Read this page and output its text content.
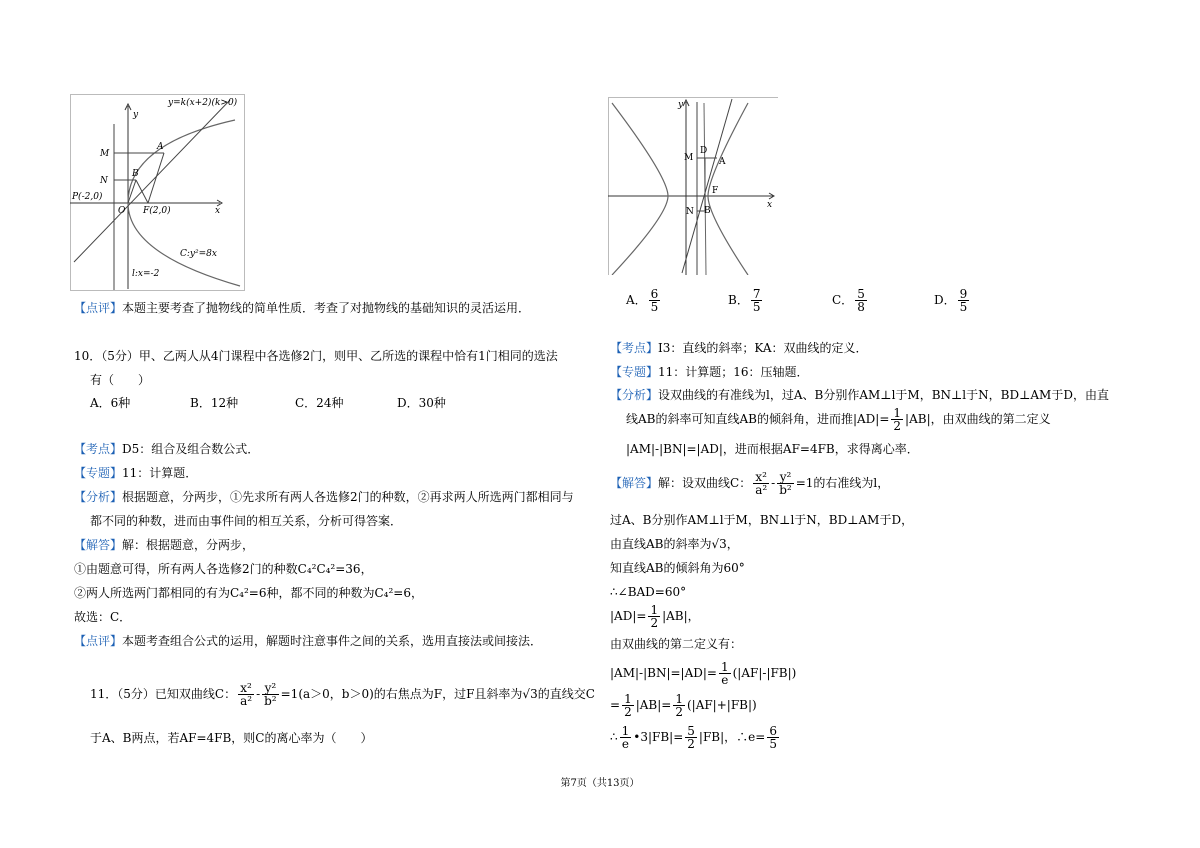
y=k(x+2)(k>0)
y
x
M
A
N
B
P(-2,0)
O F(2,0)
C:y²=8x
l:x=-2
【点评】本题主要考查了抛物线的简单性质．考查了对抛物线的基础知识的灵活运用．
10．（5分）甲、乙两人从4门课程中各选修2门，则甲、乙所选的课程中恰有1门相同的选法
有（　　）
A．6种	B．12种	C．24种	D．30种
【考点】D5：组合及组合数公式．
【专题】11：计算题．
【分析】根据题意，分两步，①先求所有两人各选修2门的种数，②再求两人所选两门都相同与
都不同的种数，进而由事件间的相互关系，分析可得答案．
【解答】解：根据题意，分两步，
①由题意可得，所有两人各选修2门的种数C₄²C₄²=36，
②两人所选两门都相同的有为C₄²=6种，都不同的种数为C₄²=6，
故选：C．
【点评】本题考查组合公式的运用，解题时注意事件之间的关系，选用直接法或间接法．
11．（5分）已知双曲线C： $\frac{\text{x²}}{\text{a²}} - \frac{\text{y²}}{\text{b²}} =1(a>0$，b＞0)的右焦点为F，过F且斜率为√3的直线交C
于A、B两点，若AF=4FB，则C的离心率为（　　）
y
x
M
D
A
F
N B
A． $\frac{6}{5}$	B． $\frac{7}{5}$	C． $\frac{5}{8}$	D． $\frac{9}{5}$
【考点】I3：直线的斜率；KA：双曲线的定义．
【专题】11：计算题；16：压轴题．
【分析】设双曲线的有准线为l，过A、B分别作AM⊥l于M，BN⊥l于N，BD⊥AM于D，由直
线AB的斜率可知直线AB的倾斜角，进而推$|AD|= \frac{1}{2} |AB|$，由双曲线的第二定义
|AM|-|BN|=|AD|，进而根据AF=4FB，求得离心率．
【解答】解：设双曲线C： $\frac{\text{x²}}{\text{a²}} - \frac{\text{y²}}{\text{b²}} =1$的右准线为l，
过A、B分别作AM⊥l于M，BN⊥l于N，BD⊥AM于D，
由直线AB的斜率为√3，
知直线AB的倾斜角为60°
∴∠BAD=60°
$|AD|= \frac{1}{2} |AB|$，
由双曲线的第二定义有：
$|AM|-|BN|=|AD|= \frac{1}{e} (|AF|-|FB|)$
= $\frac{1}{2} |AB|= \frac{1}{2} (|AF|+|FB|)$
∴ $\frac{1}{e}$ •3|FB|= $\frac{5}{2} |FB|$，∴e= $\frac{6}{5}$
第7页（共13页）
